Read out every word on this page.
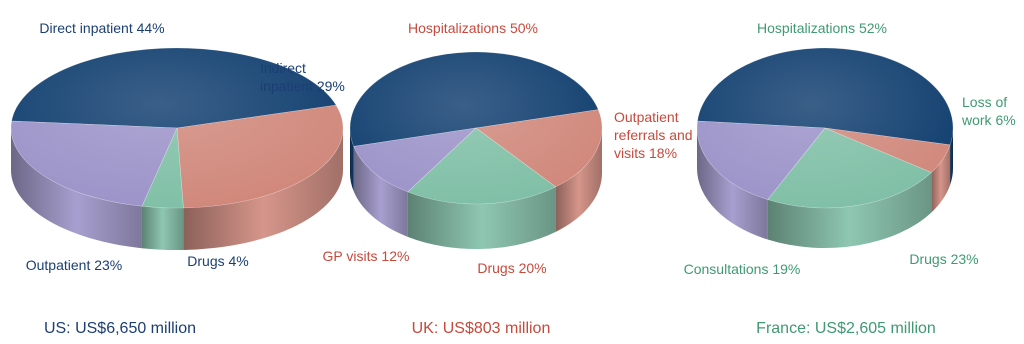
Direct inpatient 44%
Indirect inpatient 29%
Drugs 4%
Outpatient 23%
US: US$6,650 million
Hospitalizations 50%
Outpatient referrals and visits 18%
Drugs 20%
GP visits 12%
UK: US$803 million
Hospitalizations 52%
Loss of work 6%
Drugs 23%
Consultations 19%
France: US$2,605 million
